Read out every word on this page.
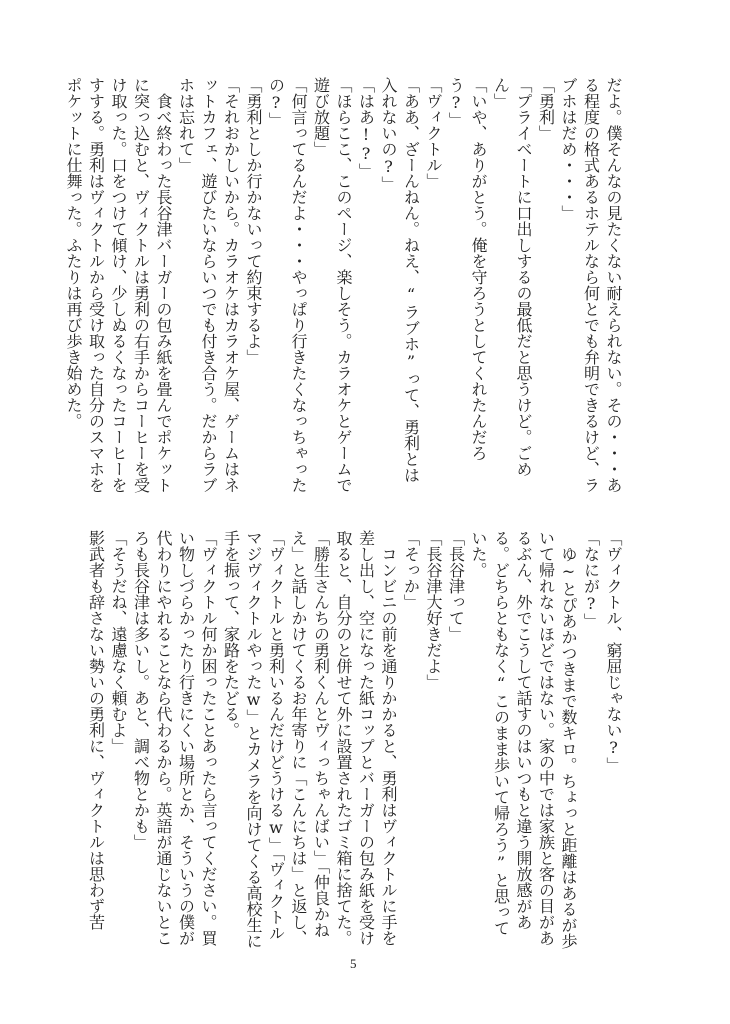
だよ。僕そんなの見たくない耐えられない。その・・・ある程度の格式あるホテルなら何とでも弁明できるけど、ラブホはだめ・・・」

「勇利」

「プライベートに口出しするの最低だと思うけど。ごめん」

「いや、ありがとう。俺を守ろうとしてくれたんだろう?」

「ヴィクトル」

「ああ、ざーんねん。ねえ、“ラブホ”って、勇利とは入れないの?」

「はあ!?」

「ほらここ、このページ、楽しそう。カラオケとゲームで遊び放題」

「何言ってるんだよ・・・やっぱり行きたくなっちゃったの?」

「勇利としか行かないって約束するよ」

「それおかしいから。カラオケはカラオケ屋、ゲームはネットカフェ、遊びたいならいつでも付き合う。だからラブホは忘れて」

　食べ終わった長谷津バーガーの包み紙を畳んでポケットに突っ込むと、ヴィクトルは勇利の右手からコーヒーを受け取った。口をつけて傾け、少しぬるくなったコーヒーをすする。勇利はヴィクトルから受け取った自分のスマホをポケットに仕舞った。ふたりは再び歩き始めた。

「ヴィクトル、窮屈じゃない?」

「なにが?」

　ゆ~とぴあかつきまで数キロ。ちょっと距離はあるが歩いて帰れないほどではない。家の中では家族と客の目があるぶん、外でこうして話すのはいつもと違う開放感がある。どちらともなく“このまま歩いて帰ろう”と思っていた。

「長谷津って」

「長谷津大好きだよ」

「そっか」

　コンビニの前を通りかかると、勇利はヴィクトルに手を差し出し、空になった紙コップとバーガーの包み紙を受け取ると、自分のと併せて外に設置されたゴミ箱に捨てた。

「勝生さんちの勇利くんとヴィっちゃんばい」「仲良かねえ」と話しかけてくるお年寄りに「こんにちは」と返し、「ヴィクトルと勇利いるんだけどうけるw」「ヴィクトルマジヴィクトルやったw」とカメラを向けてくる高校生に手を振って、家路をたどる。

「ヴィクトル何か困ったことあったら言ってください。買い物しづらかったり行きにくい場所とか、そういうの僕が代わりにやれることなら代わるから。英語が通じないところも長谷津は多いし。あと、調べ物とかも」

「そうだね、遠慮なく頼むよ」

影武者も辞さない勢いの勇利に、ヴィクトルは思わず苦

5
